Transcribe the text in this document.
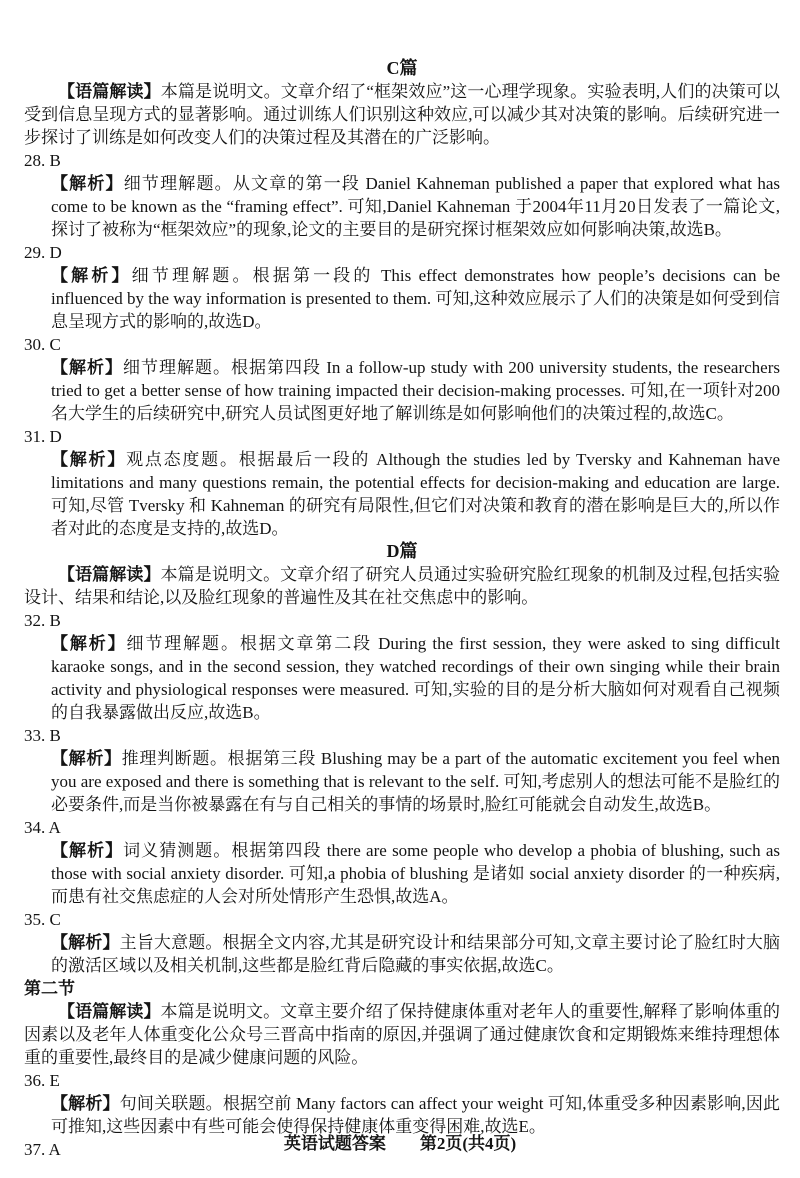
C篇

【语篇解读】本篇是说明文。文章介绍了“框架效应”这一心理学现象。实验表明,人们的决策可以受到信息呈现方式的显著影响。通过训练人们识别这种效应,可以减少其对决策的影响。后续研究进一步探讨了训练是如何改变人们的决策过程及其潜在的广泛影响。

28. B

【解析】细节理解题。从文章的第一段 Daniel Kahneman published a paper that explored what has come to be known as the “framing effect”. 可知,Daniel Kahneman 于2004年11月20日发表了一篇论文,探讨了被称为“框架效应”的现象,论文的主要目的是研究探讨框架效应如何影响决策,故选B。

29. D

【解析】细节理解题。根据第一段的 This effect demonstrates how people’s decisions can be influenced by the way information is presented to them. 可知,这种效应展示了人们的决策是如何受到信息呈现方式的影响的,故选D。

30. C

【解析】细节理解题。根据第四段 In a follow-up study with 200 university students, the researchers tried to get a better sense of how training impacted their decision-making processes. 可知,在一项针对200名大学生的后续研究中,研究人员试图更好地了解训练是如何影响他们的决策过程的,故选C。

31. D

【解析】观点态度题。根据最后一段的 Although the studies led by Tversky and Kahneman have limitations and many questions remain, the potential effects for decision-making and education are large. 可知,尽管 Tversky 和 Kahneman 的研究有局限性,但它们对决策和教育的潜在影响是巨大的,所以作者对此的态度是支持的,故选D。

D篇

【语篇解读】本篇是说明文。文章介绍了研究人员通过实验研究脸红现象的机制及过程,包括实验设计、结果和结论,以及脸红现象的普遍性及其在社交焦虑中的影响。

32. B

【解析】细节理解题。根据文章第二段 During the first session, they were asked to sing difficult karaoke songs, and in the second session, they watched recordings of their own singing while their brain activity and physiological responses were measured. 可知,实验的目的是分析大脑如何对观看自己视频的自我暴露做出反应,故选B。

33. B

【解析】推理判断题。根据第三段 Blushing may be a part of the automatic excitement you feel when you are exposed and there is something that is relevant to the self. 可知,考虑别人的想法可能不是脸红的必要条件,而是当你被暴露在有与自己相关的事情的场景时,脸红可能就会自动发生,故选B。

34. A

【解析】词义猜测题。根据第四段 there are some people who develop a phobia of blushing, such as those with social anxiety disorder. 可知,a phobia of blushing 是诸如 social anxiety disorder 的一种疾病,而患有社交焦虑症的人会对所处情形产生恐惧,故选A。

35. C

【解析】主旨大意题。根据全文内容,尤其是研究设计和结果部分可知,文章主要讨论了脸红时大脑的激活区域以及相关机制,这些都是脸红背后隐藏的事实依据,故选C。

第二节

【语篇解读】本篇是说明文。文章主要介绍了保持健康体重对老年人的重要性,解释了影响体重的因素以及老年人体重变化公众号三晋高中指南的原因,并强调了通过健康饮食和定期锻炼来维持理想体重的重要性,最终目的是减少健康问题的风险。

36. E

【解析】句间关联题。根据空前 Many factors can affect your weight 可知,体重受多种因素影响,因此可推知,这些因素中有些可能会使得保持健康体重变得困难,故选E。

37. A	英语试题答案 第2页(共4页)
